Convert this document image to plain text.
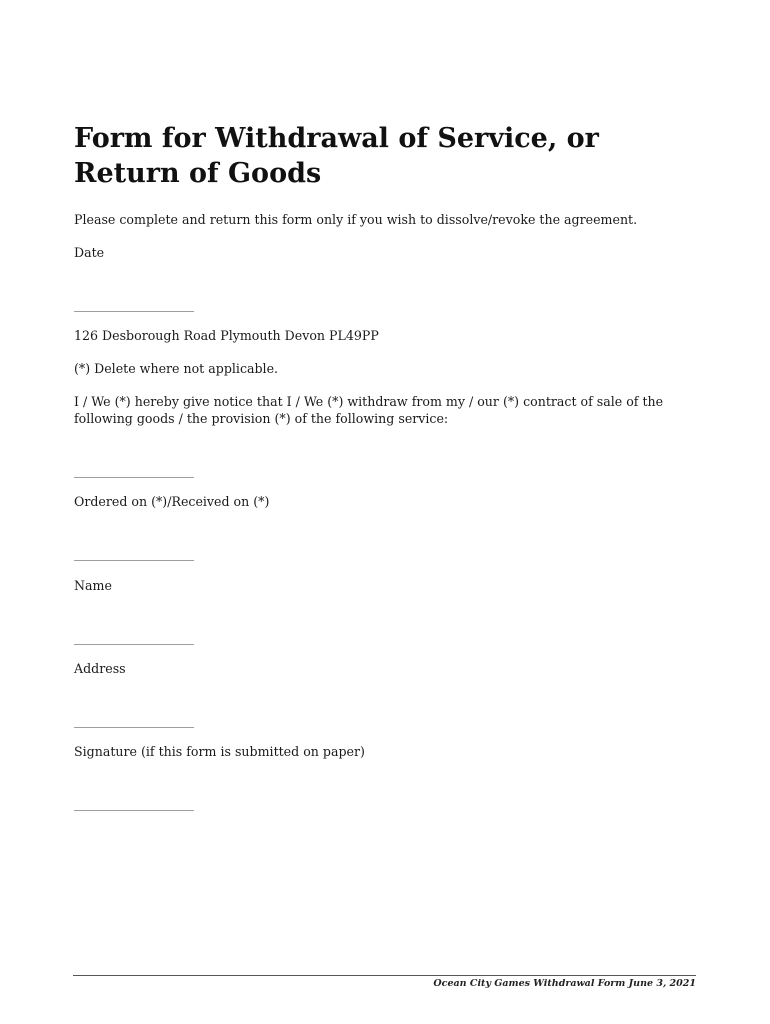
Form for Withdrawal of Service, or Return of Goods

Please complete and return this form only if you wish to dissolve/revoke the agreement.

Date

____________________

126 Desborough Road Plymouth Devon PL49PP

(*) Delete where not applicable.

I / We (*) hereby give notice that I / We (*) withdraw from my / our (*) contract of sale of the following goods / the provision (*) of the following service:

____________________

Ordered on (*)/Received on (*)

____________________

Name

____________________

Address

____________________

Signature (if this form is submitted on paper)

____________________
Ocean City Games Withdrawal Form June 3, 2021
